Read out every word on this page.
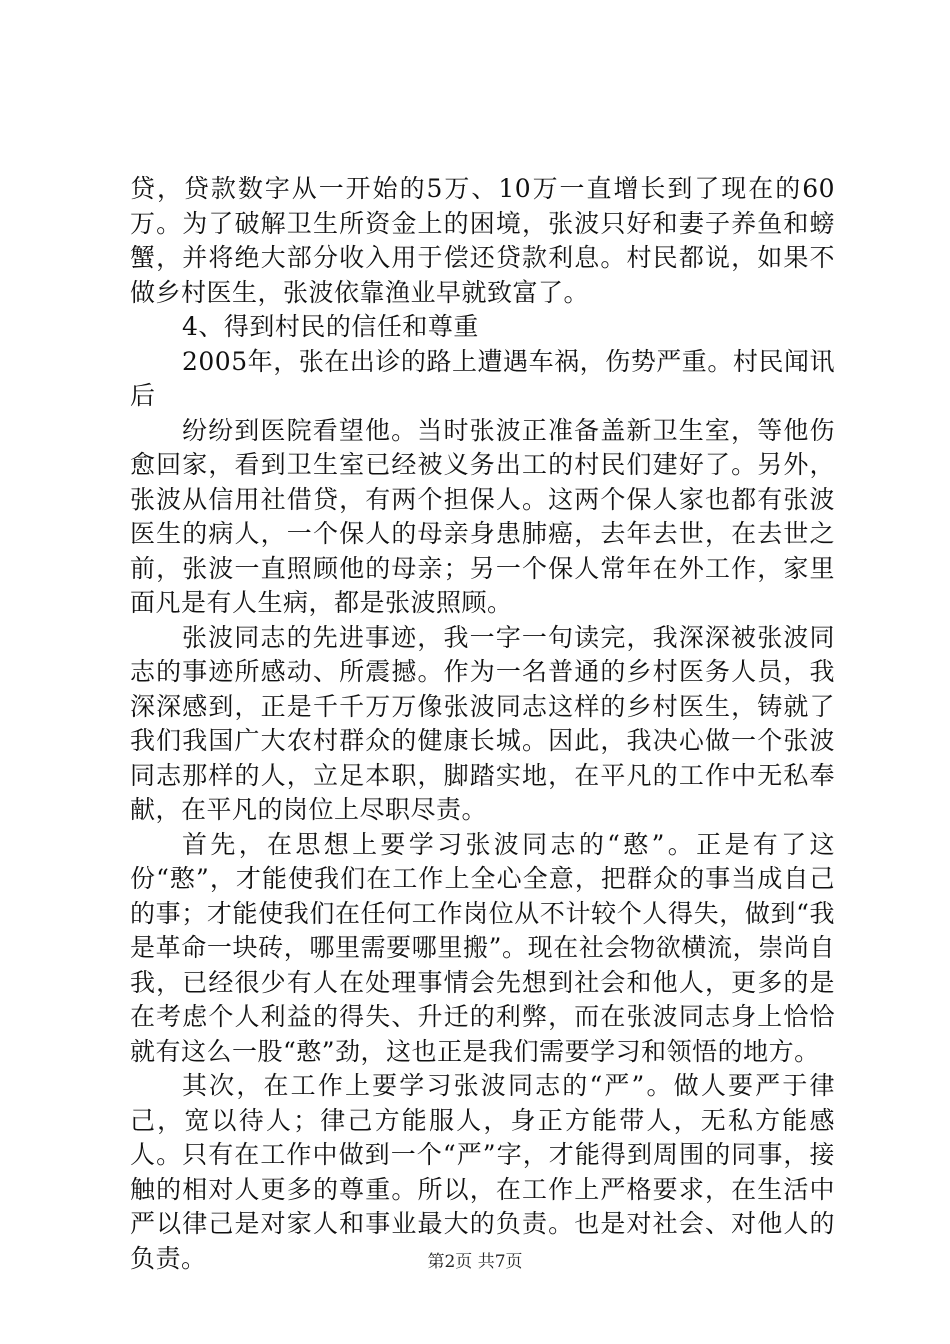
贷，贷款数字从一开始的5万、10万一直增长到了现在的60万。为了破解卫生所资金上的困境，张波只好和妻子养鱼和螃蟹，并将绝大部分收入用于偿还贷款利息。村民都说，如果不做乡村医生，张波依靠渔业早就致富了。

4、得到村民的信任和尊重

2005年，张在出诊的路上遭遇车祸，伤势严重。村民闻讯后

纷纷到医院看望他。当时张波正准备盖新卫生室，等他伤愈回家，看到卫生室已经被义务出工的村民们建好了。另外，张波从信用社借贷，有两个担保人。这两个保人家也都有张波医生的病人，一个保人的母亲身患肺癌，去年去世，在去世之前，张波一直照顾他的母亲；另一个保人常年在外工作，家里面凡是有人生病，都是张波照顾。

张波同志的先进事迹，我一字一句读完，我深深被张波同志的事迹所感动、所震撼。作为一名普通的乡村医务人员，我深深感到，正是千千万万像张波同志这样的乡村医生，铸就了我们我国广大农村群众的健康长城。因此，我决心做一个张波同志那样的人，立足本职，脚踏实地，在平凡的工作中无私奉献，在平凡的岗位上尽职尽责。

首先，在思想上要学习张波同志的“憨”。正是有了这份“憨”，才能使我们在工作上全心全意，把群众的事当成自己的事；才能使我们在任何工作岗位从不计较个人得失，做到“我是革命一块砖，哪里需要哪里搬”。现在社会物欲横流，崇尚自我，已经很少有人在处理事情会先想到社会和他人，更多的是在考虑个人利益的得失、升迁的利弊，而在张波同志身上恰恰就有这么一股“憨”劲，这也正是我们需要学习和领悟的地方。

其次，在工作上要学习张波同志的“严”。做人要严于律己，宽以待人；律己方能服人，身正方能带人，无私方能感人。只有在工作中做到一个“严”字，才能得到周围的同事，接触的相对人更多的尊重。所以，在工作上严格要求，在生活中严以律己是对家人和事业最大的负责。也是对社会、对他人的负责。	第2页 共7页
